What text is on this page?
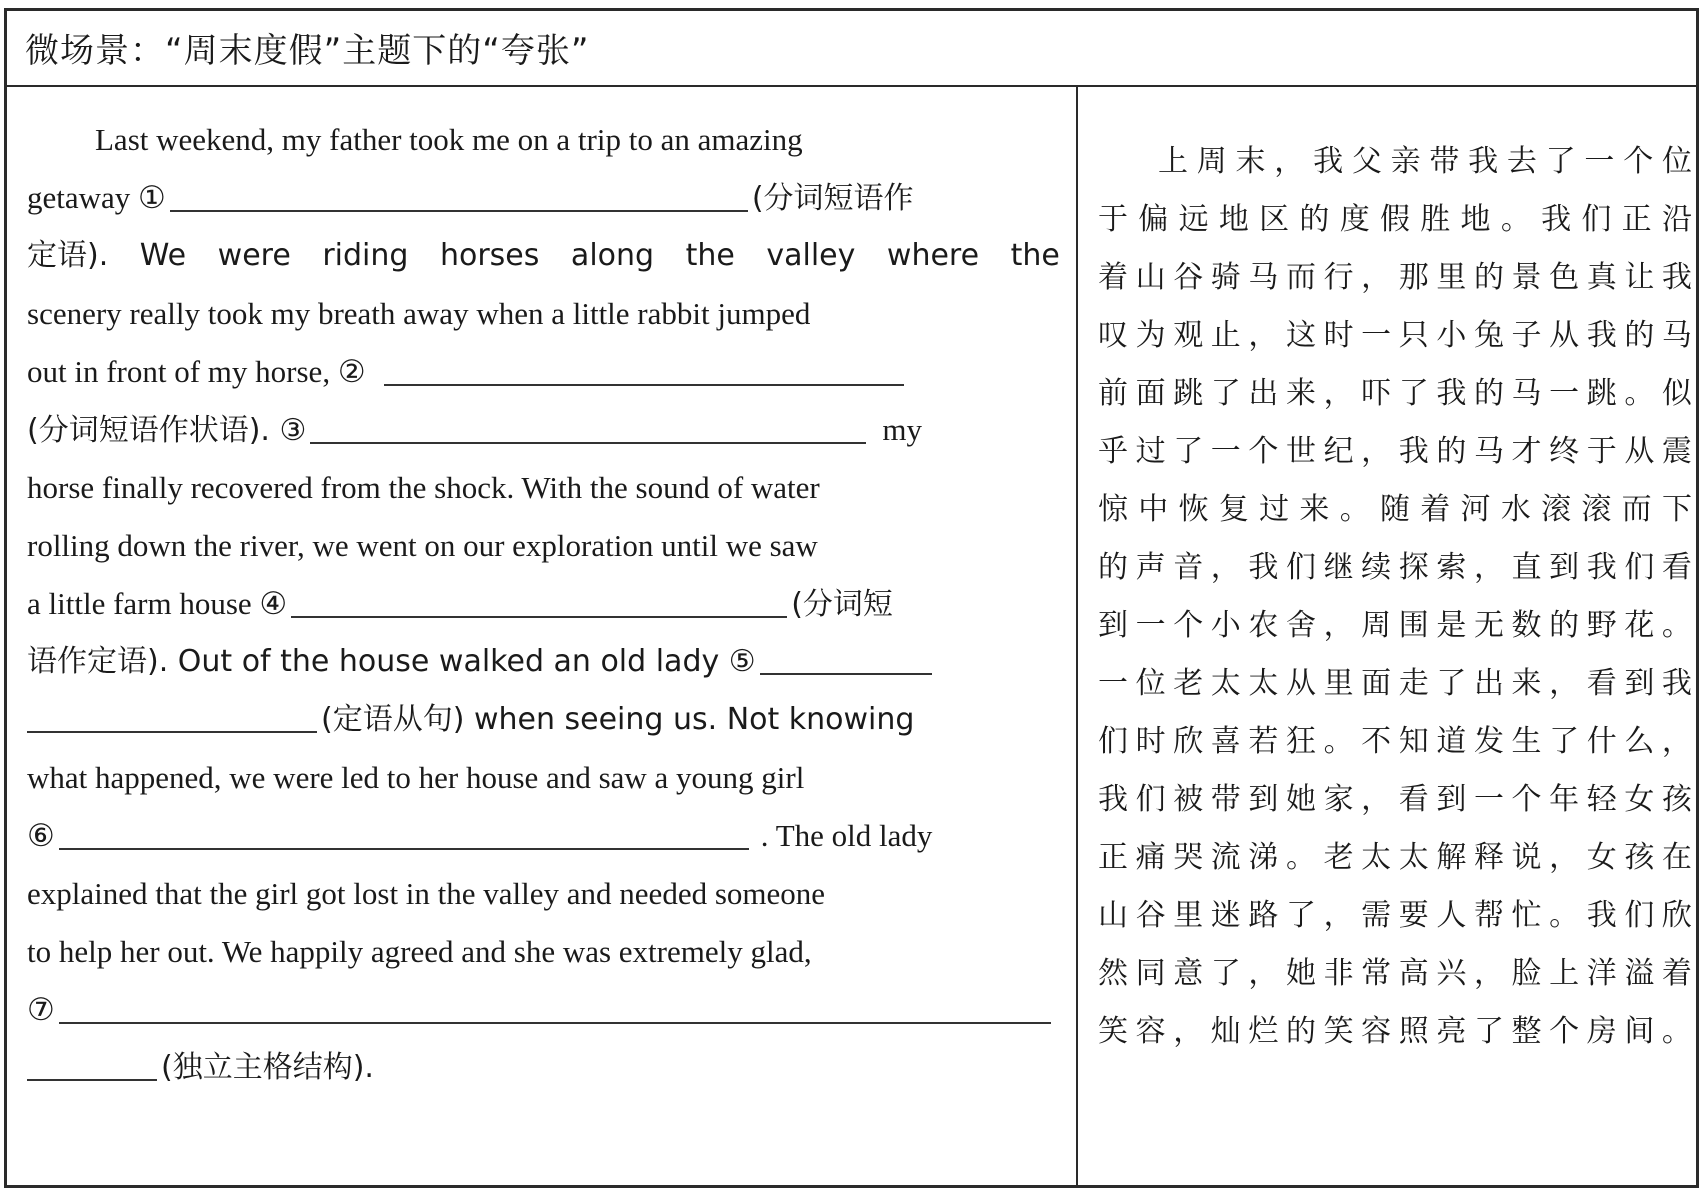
微场景：“周末度假”主题下的“夸张”
Last weekend, my father took me on a trip to an amazing
getaway ①	(分词短语作
定语). We were riding horses along the valley where the
scenery really took my breath away when a little rabbit jumped
out in front of my horse, ②
(分词短语作状语). ③	my
horse finally recovered from the shock. With the sound of water
rolling down the river, we went on our exploration until we saw
a little farm house ④	(分词短
语作定语). Out of the house walked an old lady ⑤
(定语从句) when seeing us. Not knowing
what happened, we were led to her house and saw a young girl
⑥	. The old lady
explained that the girl got lost in the valley and needed someone
to help her out. We happily agreed and she was extremely glad,
⑦
(独立主格结构).
上 周 末 ， 我 父 亲 带 我 去 了 一 个 位
于 偏 远 地 区 的 度 假 胜 地 。 我 们 正 沿
着 山 谷 骑 马 而 行 ， 那 里 的 景 色 真 让 我
叹 为 观 止 ， 这 时 一 只 小 兔 子 从 我 的 马
前 面 跳 了 出 来 ， 吓 了 我 的 马 一 跳 。 似
乎 过 了 一 个 世 纪 ， 我 的 马 才 终 于 从 震
惊 中 恢 复 过 来 。 随 着 河 水 滚 滚 而 下
的 声 音 ， 我 们 继 续 探 索 ， 直 到 我 们 看
到 一 个 小 农 舍 ， 周 围 是 无 数 的 野 花 。
一 位 老 太 太 从 里 面 走 了 出 来 ， 看 到 我
们 时 欣 喜 若 狂 。 不 知 道 发 生 了 什 么 ，
我 们 被 带 到 她 家 ， 看 到 一 个 年 轻 女 孩
正 痛 哭 流 涕 。 老 太 太 解 释 说 ， 女 孩 在
山 谷 里 迷 路 了 ， 需 要 人 帮 忙 。 我 们 欣
然 同 意 了 ， 她 非 常 高 兴 ， 脸 上 洋 溢 着
笑 容 ， 灿 烂 的 笑 容 照 亮 了 整 个 房 间 。
